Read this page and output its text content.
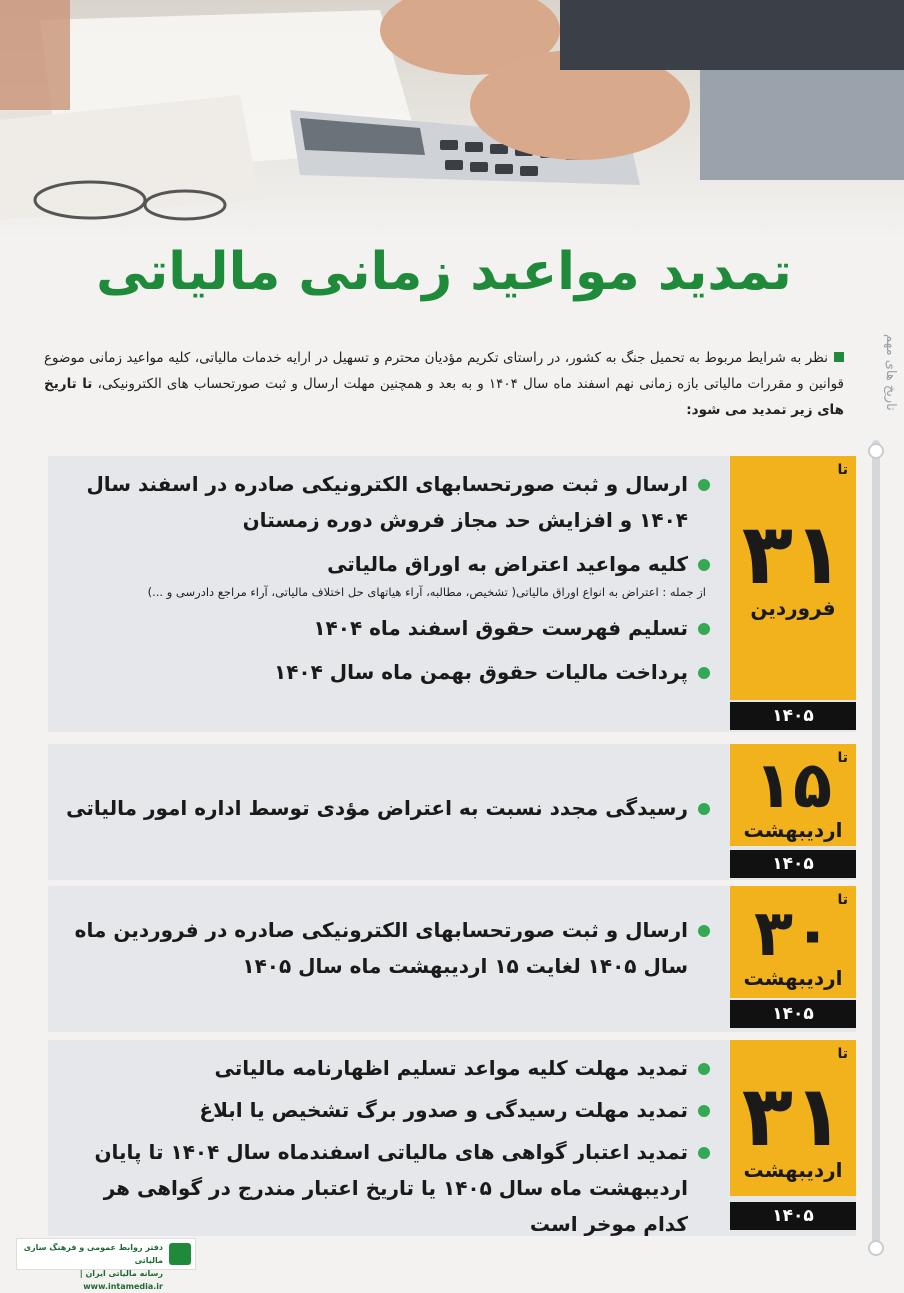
تمدید مواعید زمانی مالیاتی
تاریخ های مهم
نظر به شرایط مربوط به تحمیل جنگ به کشور، در راستای تکریم مؤدیان محترم و تسهیل در ارایه خدمات مالیاتی، کلیه مواعید زمانی موضوع قوانین و مقررات مالیاتی بازه زمانی نهم اسفند ماه سال ۱۴۰۴ و به بعد و همچنین مهلت ارسال و ثبت صورتحساب های الکترونیکی، تا تاریخ های زیر تمدید می شود:
تا
۳۱
فروردین
۱۴۰۵
ارسال و ثبت صورتحسابهای الکترونیکی صادره در اسفند سال ۱۴۰۴ و افزایش حد مجاز فروش دوره زمستان
کلیه مواعید اعتراض به اوراق مالیاتی
از جمله : اعتراض به انواع اوراق مالیاتی( تشخیص، مطالبه، آراء هیاتهای حل اختلاف مالیاتی، آراء مراجع دادرسی و ...)
تسلیم فهرست حقوق اسفند ماه ۱۴۰۴
پرداخت مالیات حقوق بهمن ماه سال ۱۴۰۴
تا
۱۵
اردیبهشت
۱۴۰۵
رسیدگی مجدد نسبت به اعتراض مؤدی توسط اداره امور مالیاتی
تا
۳۰
اردیبهشت
۱۴۰۵
ارسال و ثبت صورتحسابهای الکترونیکی صادره در فروردین ماه سال ۱۴۰۵ لغایت ۱۵ اردیبهشت ماه سال ۱۴۰۵
تا
۳۱
اردیبهشت
۱۴۰۵
تمدید مهلت کلیه مواعد تسلیم اظهارنامه مالیاتی
تمدید مهلت رسیدگی و صدور برگ تشخیص یا ابلاغ
تمدید اعتبار گواهی های مالیاتی اسفندماه سال ۱۴۰۴ تا پایان اردیبهشت ماه سال ۱۴۰۵ یا تاریخ اعتبار مندرج در گواهی هر کدام موخر است
دفتر روابط عمومی و فرهنگ سازی مالیاتی
رسانه مالیاتی ایران | www.intamedia.ir
